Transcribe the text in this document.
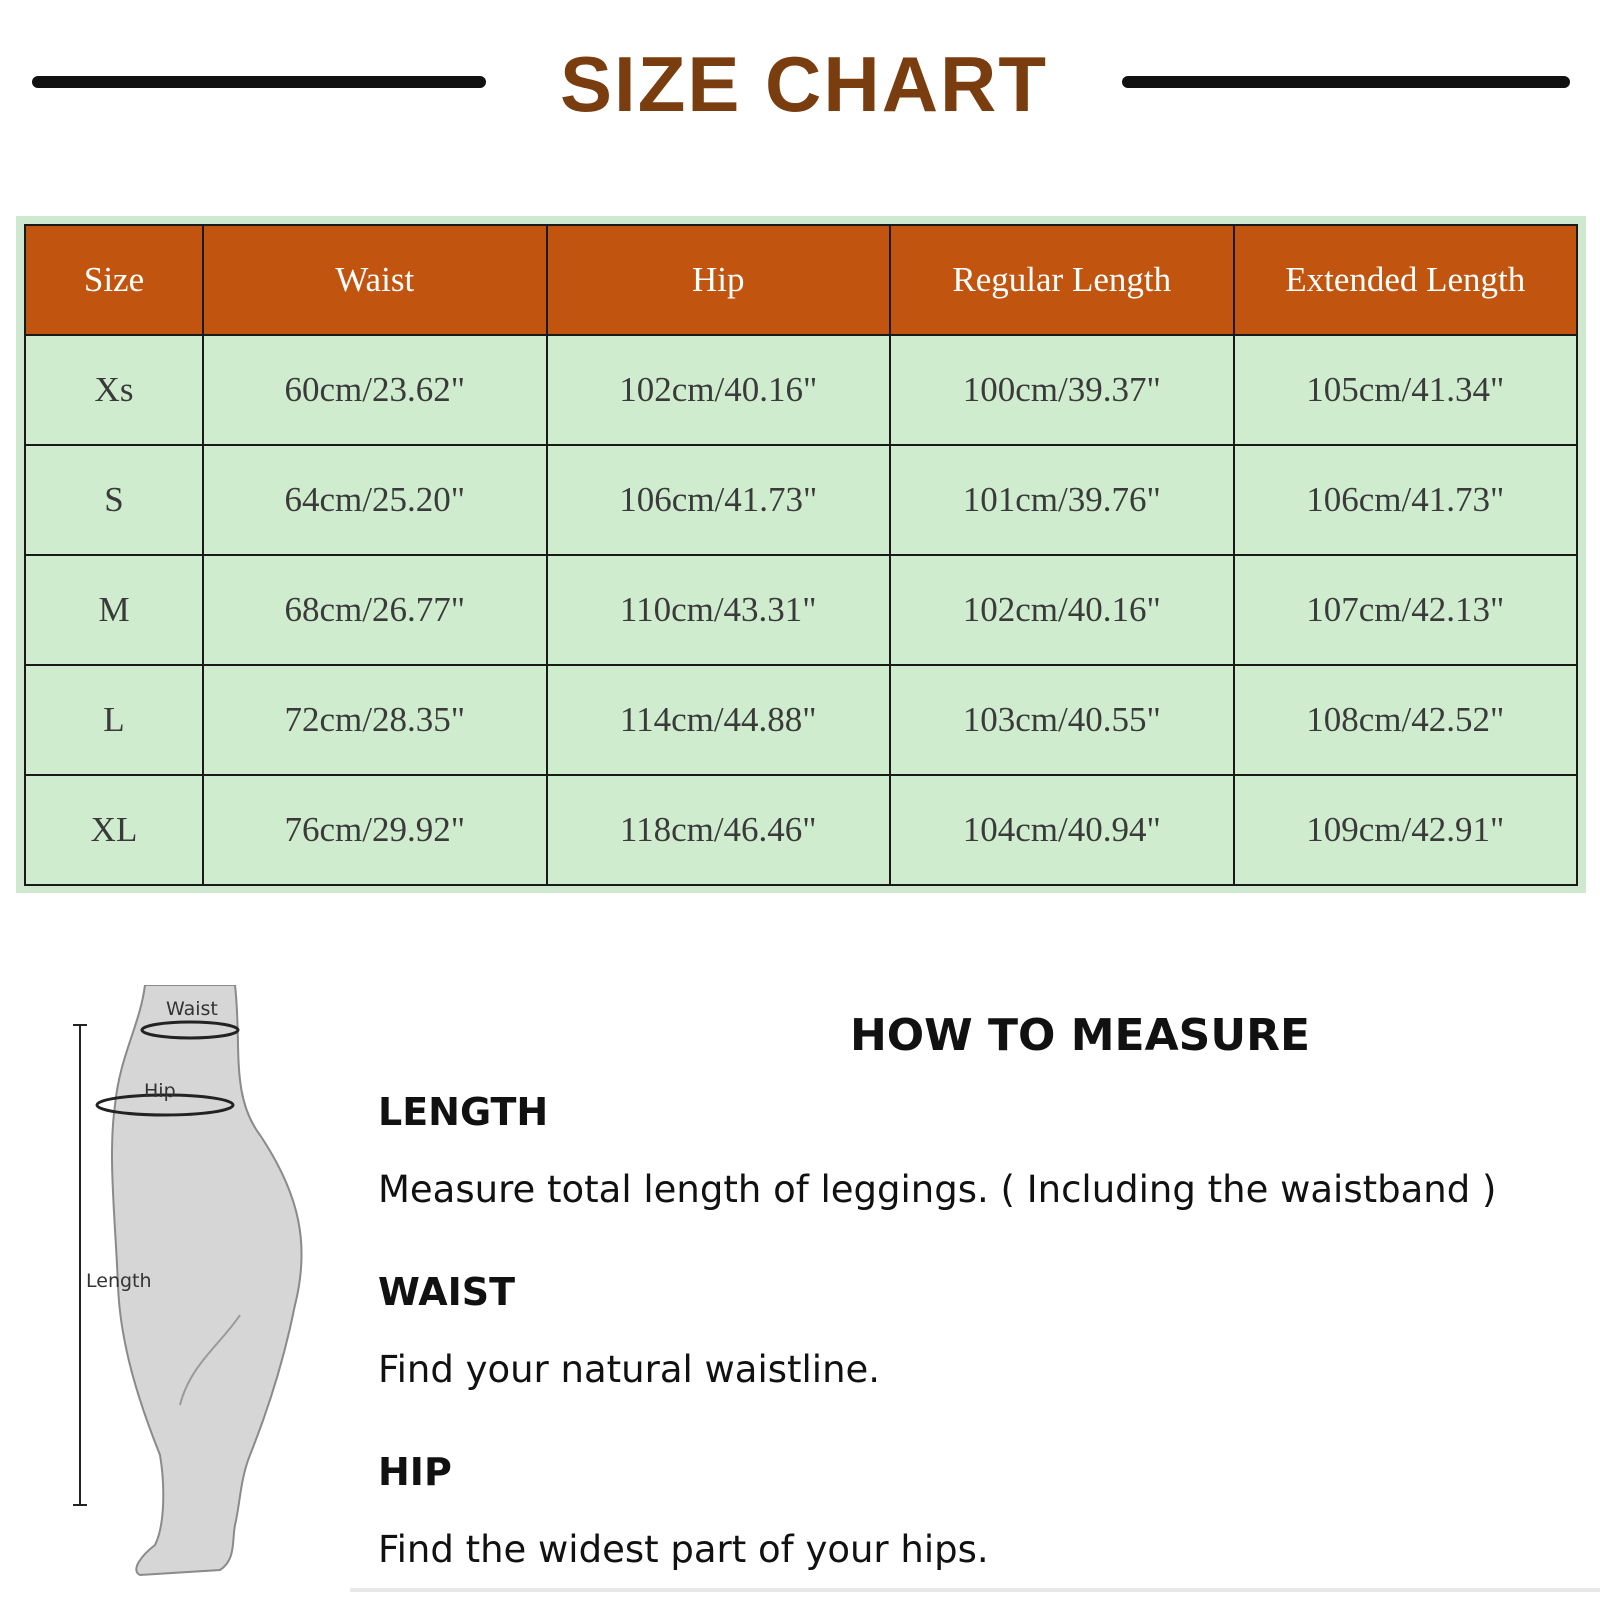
SIZE CHART
Size	Waist	Hip	Regular Length	Extended Length
Xs	60cm/23.62"	102cm/40.16"	100cm/39.37"	105cm/41.34"
S	64cm/25.20"	106cm/41.73"	101cm/39.76"	106cm/41.73"
M	68cm/26.77"	110cm/43.31"	102cm/40.16"	107cm/42.13"
L	72cm/28.35"	114cm/44.88"	103cm/40.55"	108cm/42.52"
XL	76cm/29.92"	118cm/46.46"	104cm/40.94"	109cm/42.91"
Waist
Hip
Length
HOW TO MEASURE
LENGTH
Measure total length of leggings. ( Including the waistband )
WAIST
Find your natural waistline.
HIP
Find the widest part of your hips.
